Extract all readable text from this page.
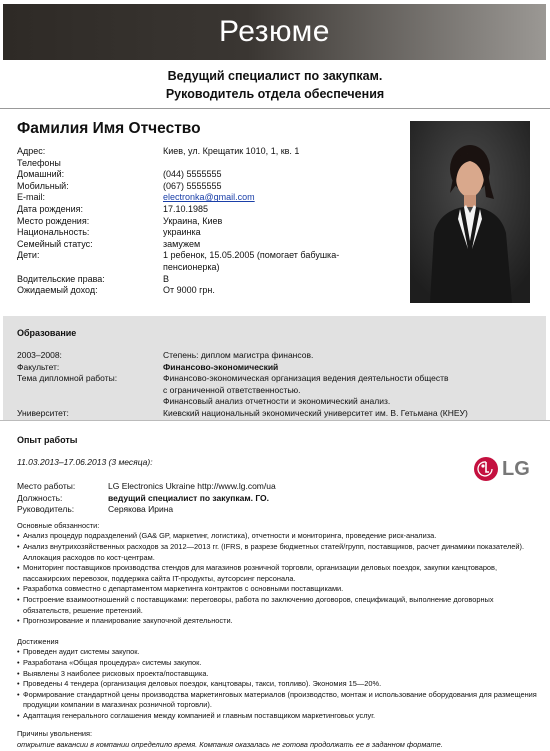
Резюме
Ведущий специалист по закупкам.
Руководитель отдела обеспечения
Фамилия Имя Отчество
Адрес:	Киев, ул. Крещатик 1010, 1, кв. 1
Телефоны
Домашний:	(044) 5555555
Мобильный:	(067) 5555555
E-mail:	electronka@gmail.com
Дата рождения:	17.10.1985
Место рождения:	Украина, Киев
Национальность:	украинка
Семейный статус:	замужем
Дети:	1 ребенок, 15.05.2005 (помогает бабушка-
пенсионерка)
Водительские права:	B
Ожидаемый доход:	От 9000 грн.
Образование
2003–2008:	Степень: диплом магистра финансов.
Факультет:	Финансово-экономический
Тема дипломной работы:	Финансово-экономическая организация ведения деятельности обществ
с ограниченной ответственностью.
Финансовый анализ отчетности и экономический анализ.
Университет:	Киевский национальный экономический университет им. В. Гетьмана (КНЕУ)
LG
Опыт работы
11.03.2013–17.06.2013 (3 месяца):
Место работы:	LG Electronics Ukraine http://www.lg.com/ua
Должность:	ведущий специалист по закупкам. ГО.
Руководитель:	Серякова Ирина
Основные обязанности:
• Анализ процедур подразделений (GA& GP, маркетинг, логистика), отчетности и мониторинга, проведение риск-анализа.
• Анализ внутрихозяйственных расходов за 2012—2013 гг. (IFRS, в разрезе бюджетных статей/групп, поставщиков, расчет динамики показателей). Аллокация расходов по кост-центрам.
• Мониторинг поставщиков производства стендов для магазинов розничной торговли, организации деловых поездок, закупки канцтоваров, пассажирских перевозок, поддержка сайта IT-продукты, аутсорсинг персонала.
• Разработка совместно с департаментом маркетинга контрактов с основными поставщиками.
• Построение взаимоотношений с поставщиками: переговоры, работа по заключению договоров, спецификаций, выполнение договорных обязательств, решение претензий.
• Прогнозирование и планирование закупочной деятельности.
Достижения
• Проведен аудит системы закупок.
• Разработана «Общая процедура» системы закупок.
• Выявлены 3 наиболее рисковых проекта/поставщика.
• Проведены 4 тендера (организация деловых поездок, канцтовары, такси, топливо). Экономия 15—20%.
• Формирование стандартной цены производства маркетинговых материалов (производство, монтаж и использование оборудования для размещения продукции компании в магазинах розничной торговли).
• Адаптация генерального соглашения между компанией и главным поставщиком маркетинговых услуг.
Причины увольнения:
открытие вакансии в компании определило время. Компания оказалась не готова продолжать ее в заданном формате.
